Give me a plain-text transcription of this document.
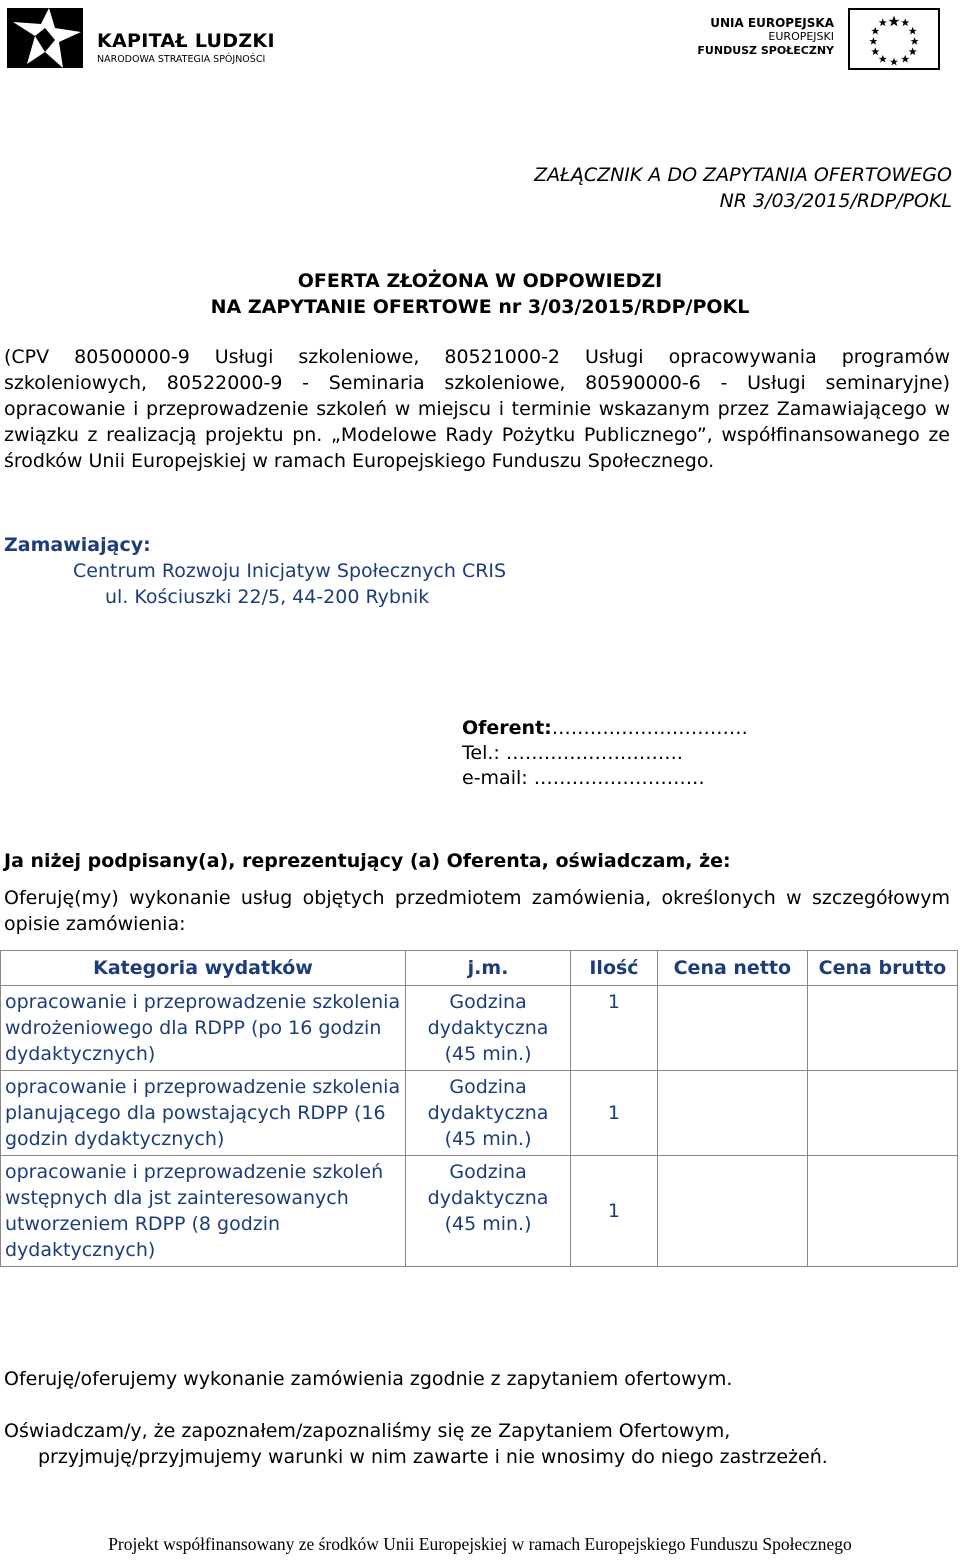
KAPITAŁ LUDZKI
NARODOWA STRATEGIA SPÓJNOŚCI
UNIA EUROPEJSKA
EUROPEJSKI
FUNDUSZ SPOŁECZNY
ZAŁĄCZNIK A DO ZAPYTANIA OFERTOWEGO
NR 3/03/2015/RDP/POKL
OFERTA ZŁOŻONA W ODPOWIEDZI
NA ZAPYTANIE OFERTOWE nr 3/03/2015/RDP/POKL
(CPV 80500000-9 Usługi szkoleniowe, 80521000-2 Usługi opracowywania programów szkoleniowych, 80522000-9 - Seminaria szkoleniowe, 80590000-6 - Usługi seminaryjne) opracowanie i przeprowadzenie szkoleń w miejscu i terminie wskazanym przez Zamawiającego w związku z realizacją projektu pn. „Modelowe Rady Pożytku Publicznego”, współfinansowanego ze środków Unii Europejskiej w ramach Europejskiego Funduszu Społecznego.
Zamawiający:
Centrum Rozwoju Inicjatyw Społecznych CRIS
ul. Kościuszki 22/5, 44-200 Rybnik
Oferent:……….…………………
Tel.: ……………………….
e-mail: ………………………
Ja niżej podpisany(a), reprezentujący (a) Oferenta, oświadczam, że:
Oferuję(my) wykonanie usług objętych przedmiotem zamówienia, określonych w szczegółowym opisie zamówienia:
Kategoria wydatków	j.m.	Ilość	Cena netto	Cena brutto
opracowanie i przeprowadzenie szkolenia wdrożeniowego dla RDPP (po 16 godzin dydaktycznych)	Godzina dydaktyczna (45 min.)	1		
opracowanie i przeprowadzenie szkolenia planującego dla powstających RDPP (16 godzin dydaktycznych)	Godzina dydaktyczna (45 min.)	1		
opracowanie i przeprowadzenie szkoleń wstępnych dla jst zainteresowanych utworzeniem RDPP (8 godzin dydaktycznych)	Godzina dydaktyczna (45 min.)	1		
Oferuję/oferujemy wykonanie zamówienia zgodnie z zapytaniem ofertowym.
Oświadczam/y, że zapoznałem/zapoznaliśmy się ze Zapytaniem Ofertowym,
przyjmuję/przyjmujemy warunki w nim zawarte i nie wnosimy do niego zastrzeżeń.
Projekt współfinansowany ze środków Unii Europejskiej w ramach Europejskiego Funduszu Społecznego
